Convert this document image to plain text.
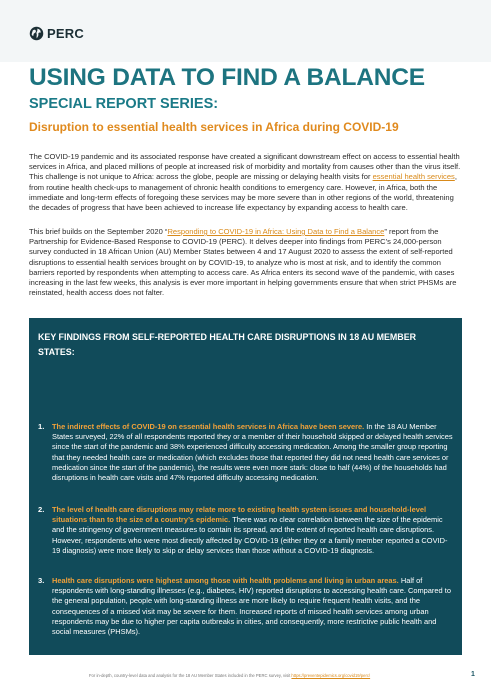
PERC
USING DATA TO FIND A BALANCE
SPECIAL REPORT SERIES:
Disruption to essential health services in Africa during COVID-19

The COVID-19 pandemic and its associated response have created a significant downstream effect on access to essential health services in Africa, and placed millions of people at increased risk of morbidity and mortality from causes other than the virus itself. This challenge is not unique to Africa: across the globe, people are missing or delaying health visits for essential health services, from routine health check-ups to management of chronic health conditions to emergency care. However, in Africa, both the immediate and long-term effects of foregoing these services may be more severe than in other regions of the world, threatening the decades of progress that have been achieved to increase life expectancy by expanding access to health care.

This brief builds on the September 2020 “Responding to COVID-19 in Africa: Using Data to Find a Balance” report from the Partnership for Evidence-Based Response to COVID-19 (PERC). It delves deeper into findings from PERC’s 24,000-person survey conducted in 18 African Union (AU) Member States between 4 and 17 August 2020 to assess the extent of self-reported disruptions to essential health services brought on by COVID-19, to analyze who is most at risk, and to identify the common barriers reported by respondents when attempting to access care. As Africa enters its second wave of the pandemic, with cases increasing in the last few weeks, this analysis is ever more important in helping governments ensure that when strict PHSMs are reinstated, health access does not falter.

KEY FINDINGS FROM SELF-REPORTED HEALTH CARE DISRUPTIONS IN 18 AU MEMBER STATES:

1. The indirect effects of COVID-19 on essential health services in Africa have been severe. In the 18 AU Member States surveyed, 22% of all respondents reported they or a member of their household skipped or delayed health services since the start of the pandemic and 38% experienced difficulty accessing medication. Among the smaller group reporting that they needed health care or medication (which excludes those that reported they did not need health care services or medication since the start of the pandemic), the results were even more stark: close to half (44%) of the households had disruptions in health care visits and 47% reported difficulty accessing medication.

2. The level of health care disruptions may relate more to existing health system issues and household-level situations than to the size of a country’s epidemic. There was no clear correlation between the size of the epidemic and the stringency of government measures to contain its spread, and the extent of reported health care disruptions. However, respondents who were most directly affected by COVID-19 (either they or a family member reported a COVID-19 diagnosis) were more likely to skip or delay services than those without a COVID-19 diagnosis.

3. Health care disruptions were highest among those with health problems and living in urban areas. Half of respondents with long-standing illnesses (e.g., diabetes, HIV) reported disruptions to accessing health care. Compared to the general population, people with long-standing illness are more likely to require frequent health visits, and the consequences of a missed visit may be severe for them. Increased reports of missed health services among urban respondents may be due to higher per capita outbreaks in cities, and consequently, more restrictive public health and social measures (PHSMs).

For in-depth, country-level data and analysis for the 18 AU Member States included in the PERC survey, visit https://preventepidemics.org/covid19/perc/	1
